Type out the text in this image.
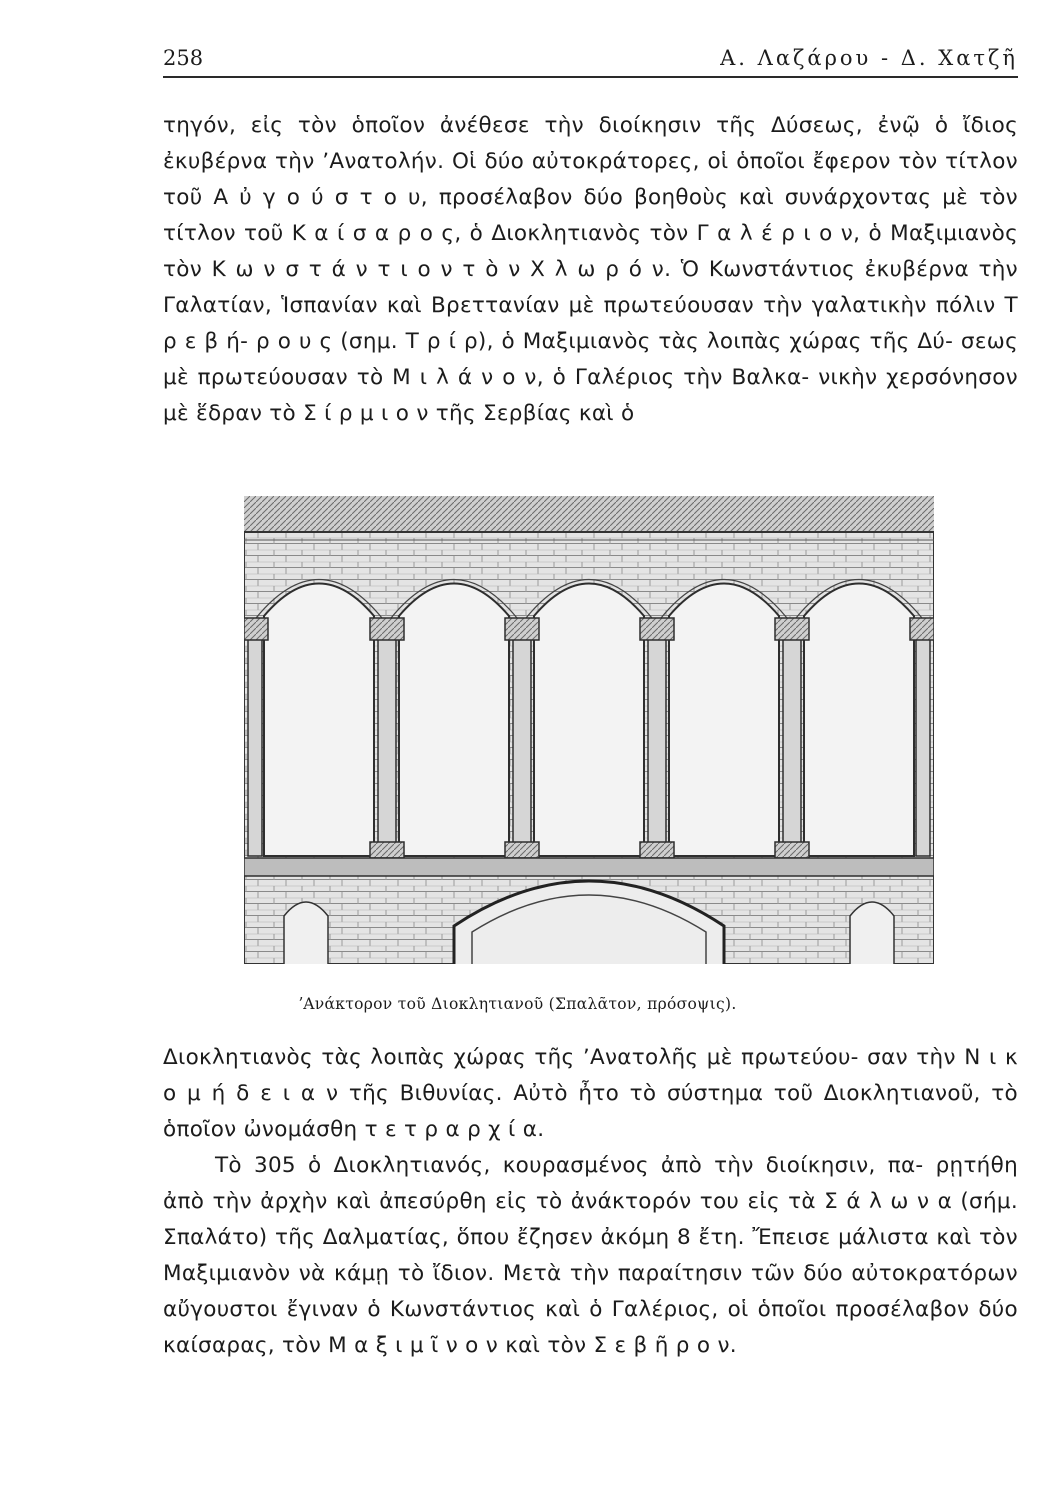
258	Α. Λαζάρου - Δ. Χατζῆ

τηγόν, εἰς τὸν ὁποῖον ἀνέθεσε τὴν διοίκησιν τῆς Δύσεως, ἐνῷ ὁ ἴδιος ἐκυβέρνα τὴν ʼΑνατολήν. Οἱ δύο αὐτοκράτορες, οἱ ὁποῖοι ἔφερον τὸν τίτλον τοῦ Α ὐ γ ο ύ σ τ ο υ, προσέλαβον δύο βοηθοὺς καὶ συνάρχοντας μὲ τὸν τίτλον τοῦ Κ α ί σ α ρ ο ς, ὁ Διοκλητιανὸς τὸν Γ α λ έ ρ ι ο ν, ὁ Μαξιμιανὸς τὸν Κ ω ν σ τ ά ν τ ι ο ν τ ὸ ν Χ λ ω ρ ό ν. Ὁ Κωνστάντιος ἐκυβέρνα τὴν Γαλατίαν, Ἱσπανίαν καὶ Βρεττανίαν μὲ πρωτεύουσαν τὴν γαλατικὴν πόλιν Τ ρ ε β ή- ρ ο υ ς (σημ. Τ ρ ί ρ), ὁ Μαξιμιανὸς τὰς λοιπὰς χώρας τῆς Δύ- σεως μὲ πρωτεύουσαν τὸ Μ ι λ ά ν ο ν, ὁ Γαλέριος τὴν Βαλκα- νικὴν χερσόνησον μὲ ἕδραν τὸ Σ ί ρ μ ι ο ν τῆς Σερβίας καὶ ὁ

ʼΑνάκτορον τοῦ Διοκλητιανοῦ (Σπαλᾶτον, πρόσοψις).

Διοκλητιανὸς τὰς λοιπὰς χώρας τῆς ʼΑνατολῆς μὲ πρωτεύου- σαν τὴν Ν ι κ ο μ ή δ ε ι α ν τῆς Βιθυνίας. Αὐτὸ ἦτο τὸ σύστημα τοῦ Διοκλητιανοῦ, τὸ ὁποῖον ὠνομάσθη τ ε τ ρ α ρ χ ί α.

Τὸ 305 ὁ Διοκλητιανός, κουρασμένος ἀπὸ τὴν διοίκησιν, πα- ρῃτήθη ἀπὸ τὴν ἀρχὴν καὶ ἀπεσύρθη εἰς τὸ ἀνάκτορόν του εἰς τὰ Σ ά λ ω ν α (σήμ. Σπαλάτο) τῆς Δαλματίας, ὅπου ἔζησεν ἀκόμη 8 ἔτη. Ἔπεισε μάλιστα καὶ τὸν Μαξιμιανὸν νὰ κάμῃ τὸ ἴδιον. Μετὰ τὴν παραίτησιν τῶν δύο αὐτοκρατόρων αὔγουστοι ἔγιναν ὁ Κωνστάντιος καὶ ὁ Γαλέριος, οἱ ὁποῖοι προσέλαβον δύο καίσαρας, τὸν Μ α ξ ι μ ῖ ν ο ν καὶ τὸν Σ ε β ῆ ρ ο ν.
